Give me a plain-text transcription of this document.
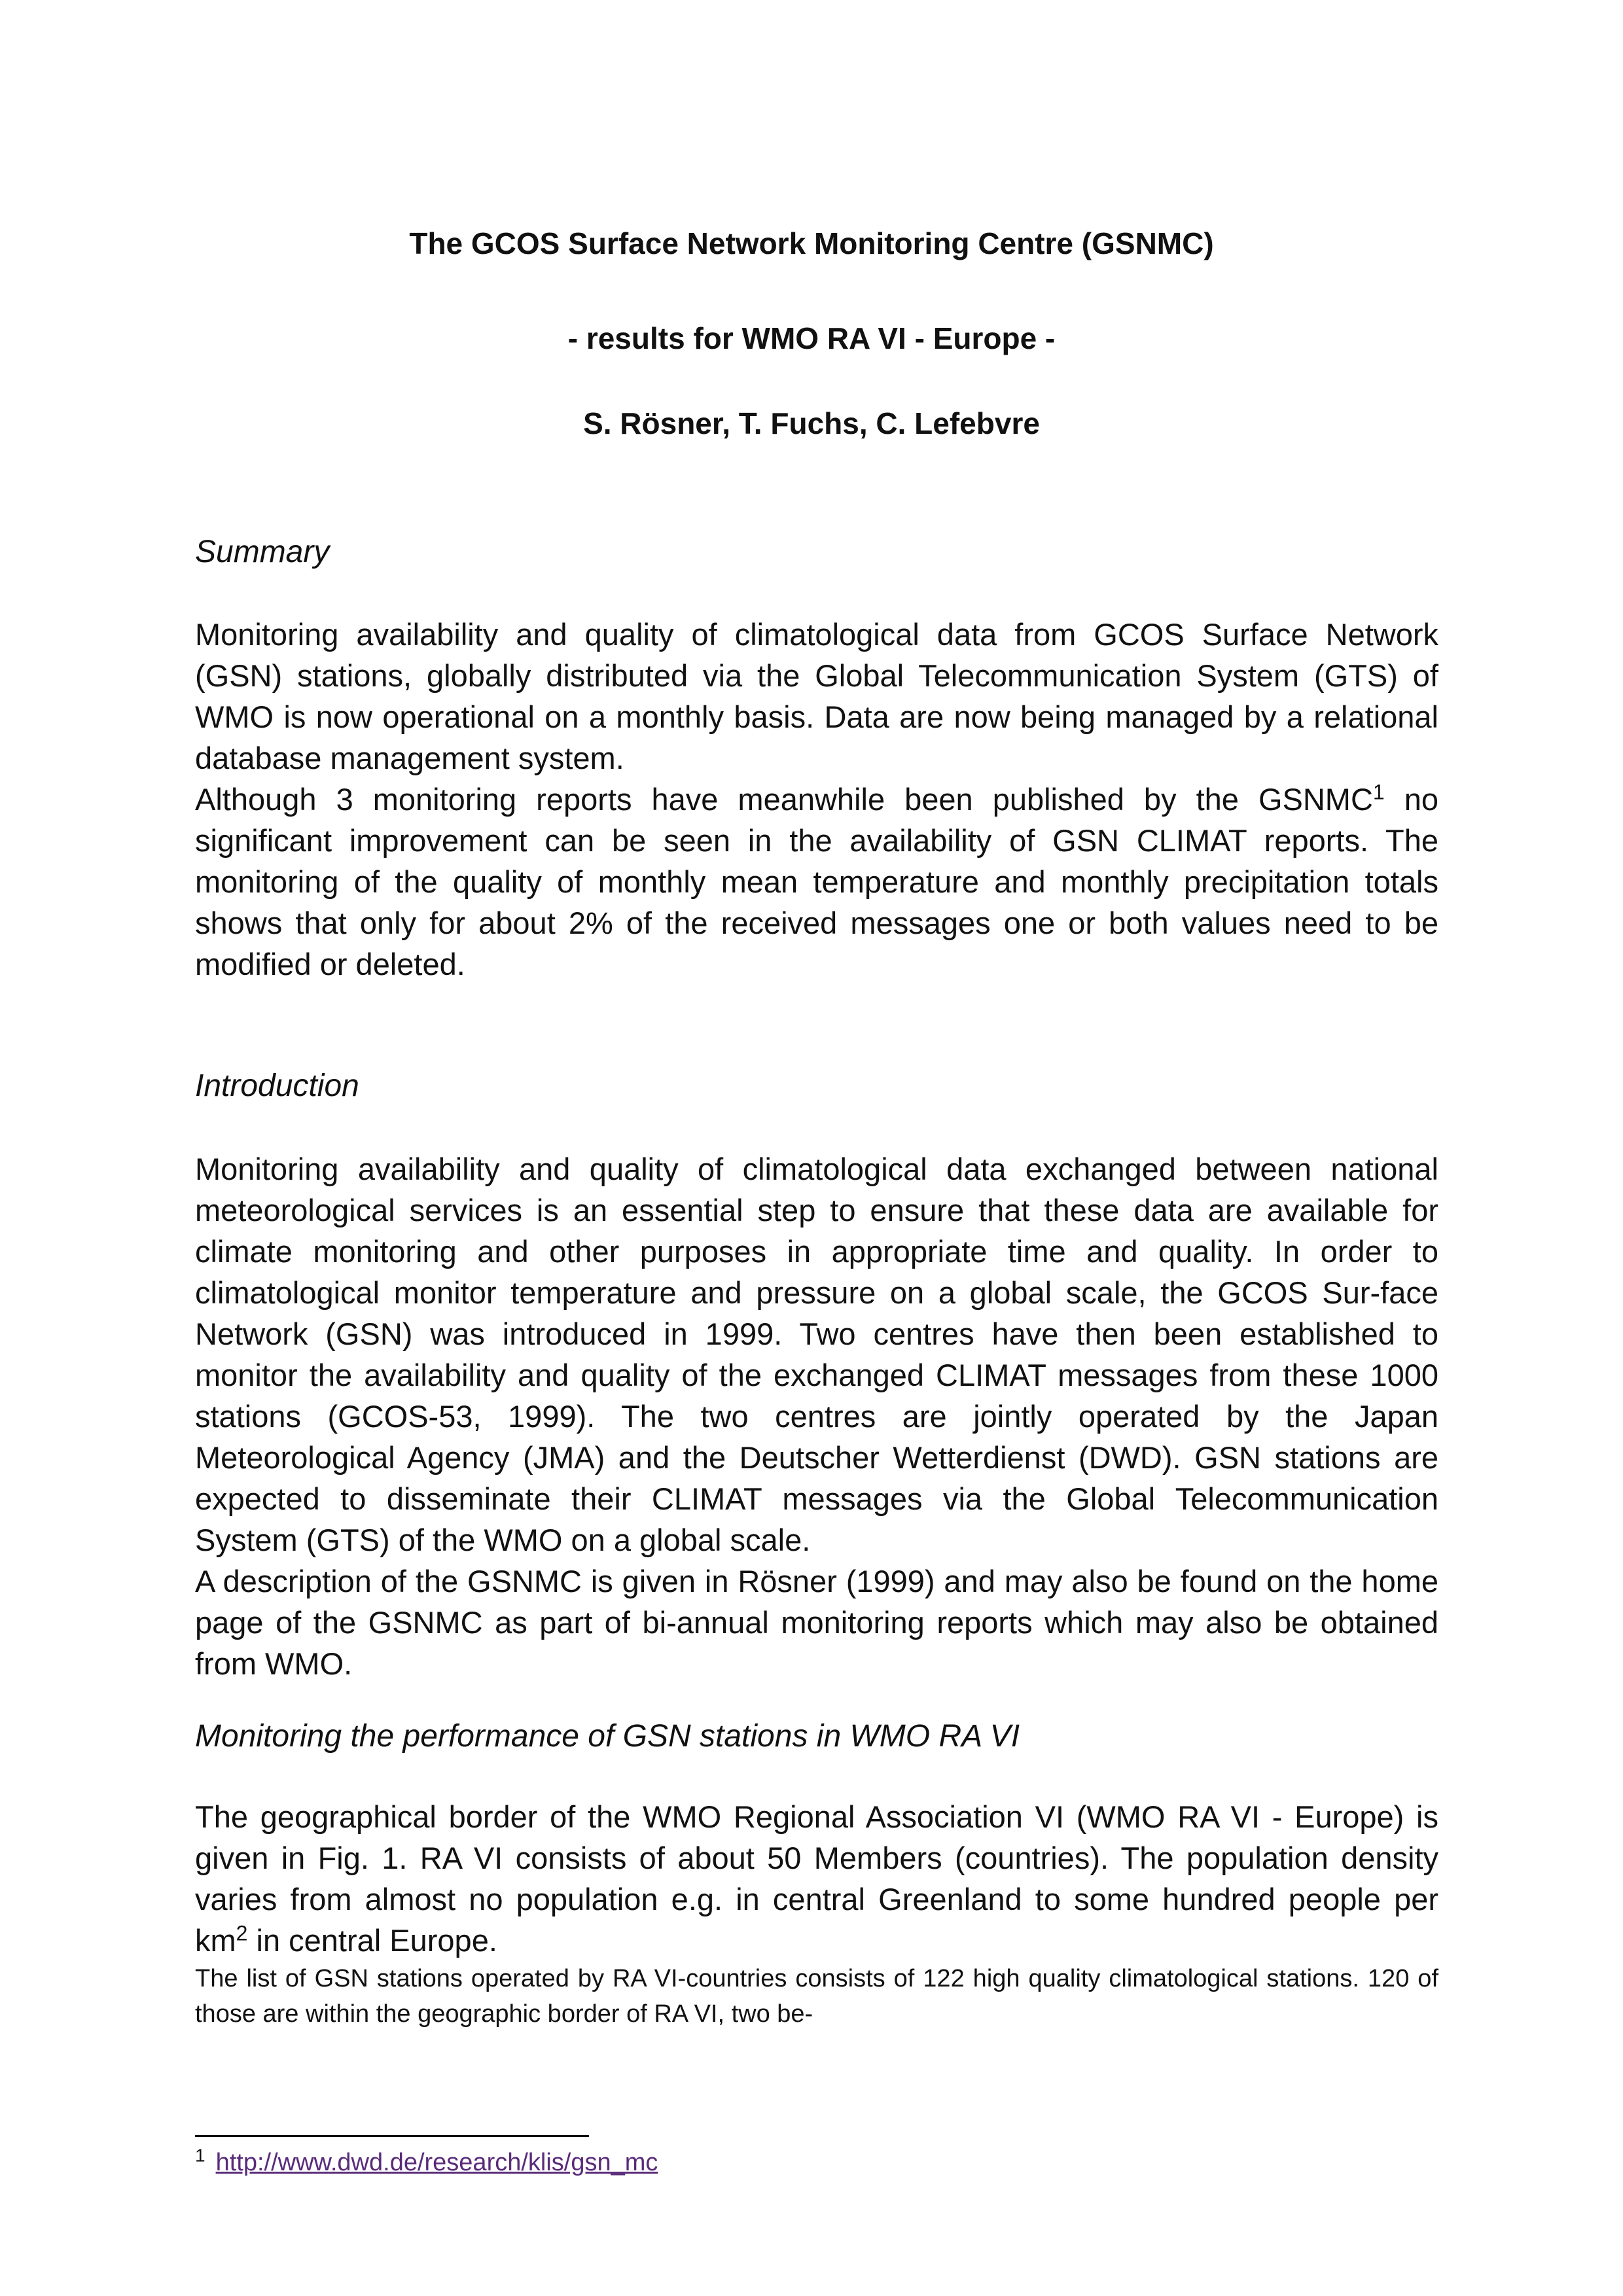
The GCOS Surface Network Monitoring Centre (GSNMC)
- results for WMO RA VI - Europe -
S. Rösner, T. Fuchs, C. Lefebvre
Summary

Monitoring availability and quality of climatological data from GCOS Surface Network (GSN) stations, globally distributed via the Global Telecommunication System (GTS) of WMO is now operational on a monthly basis. Data are now being managed by a relational database management system.

Although 3 monitoring reports have meanwhile been published by the GSNMC$^1$ no significant improvement can be seen in the availability of GSN CLIMAT reports. The monitoring of the quality of monthly mean temperature and monthly precipitation totals shows that only for about 2% of the received messages one or both values need to be modified or deleted.

Introduction

Monitoring availability and quality of climatological data exchanged between national meteorological services is an essential step to ensure that these data are available for climate monitoring and other purposes in appropriate time and quality. In order to climatological monitor temperature and pressure on a global scale, the GCOS Sur-face Network (GSN) was introduced in 1999. Two centres have then been established to monitor the availability and quality of the exchanged CLIMAT messages from these 1000 stations (GCOS-53, 1999). The two centres are jointly operated by the Japan Meteorological Agency (JMA) and the Deutscher Wetterdienst (DWD). GSN stations are expected to disseminate their CLIMAT messages via the Global Telecommunication System (GTS) of the WMO on a global scale.

A description of the GSNMC is given in Rösner (1999) and may also be found on the home page of the GSNMC as part of bi-annual monitoring reports which may also be obtained from WMO.

Monitoring the performance of GSN stations in WMO RA VI

The geographical border of the WMO Regional Association VI (WMO RA VI - Europe) is given in Fig. 1. RA VI consists of about 50 Members (countries). The population density varies from almost no population e.g. in central Greenland to some hundred people per $km^2$ in central Europe.

The list of GSN stations operated by RA VI-countries consists of 122 high quality climatological stations. 120 of those are within the geographic border of RA VI, two be-

$^1$ http://www.dwd.de/research/klis/gsn_mc
